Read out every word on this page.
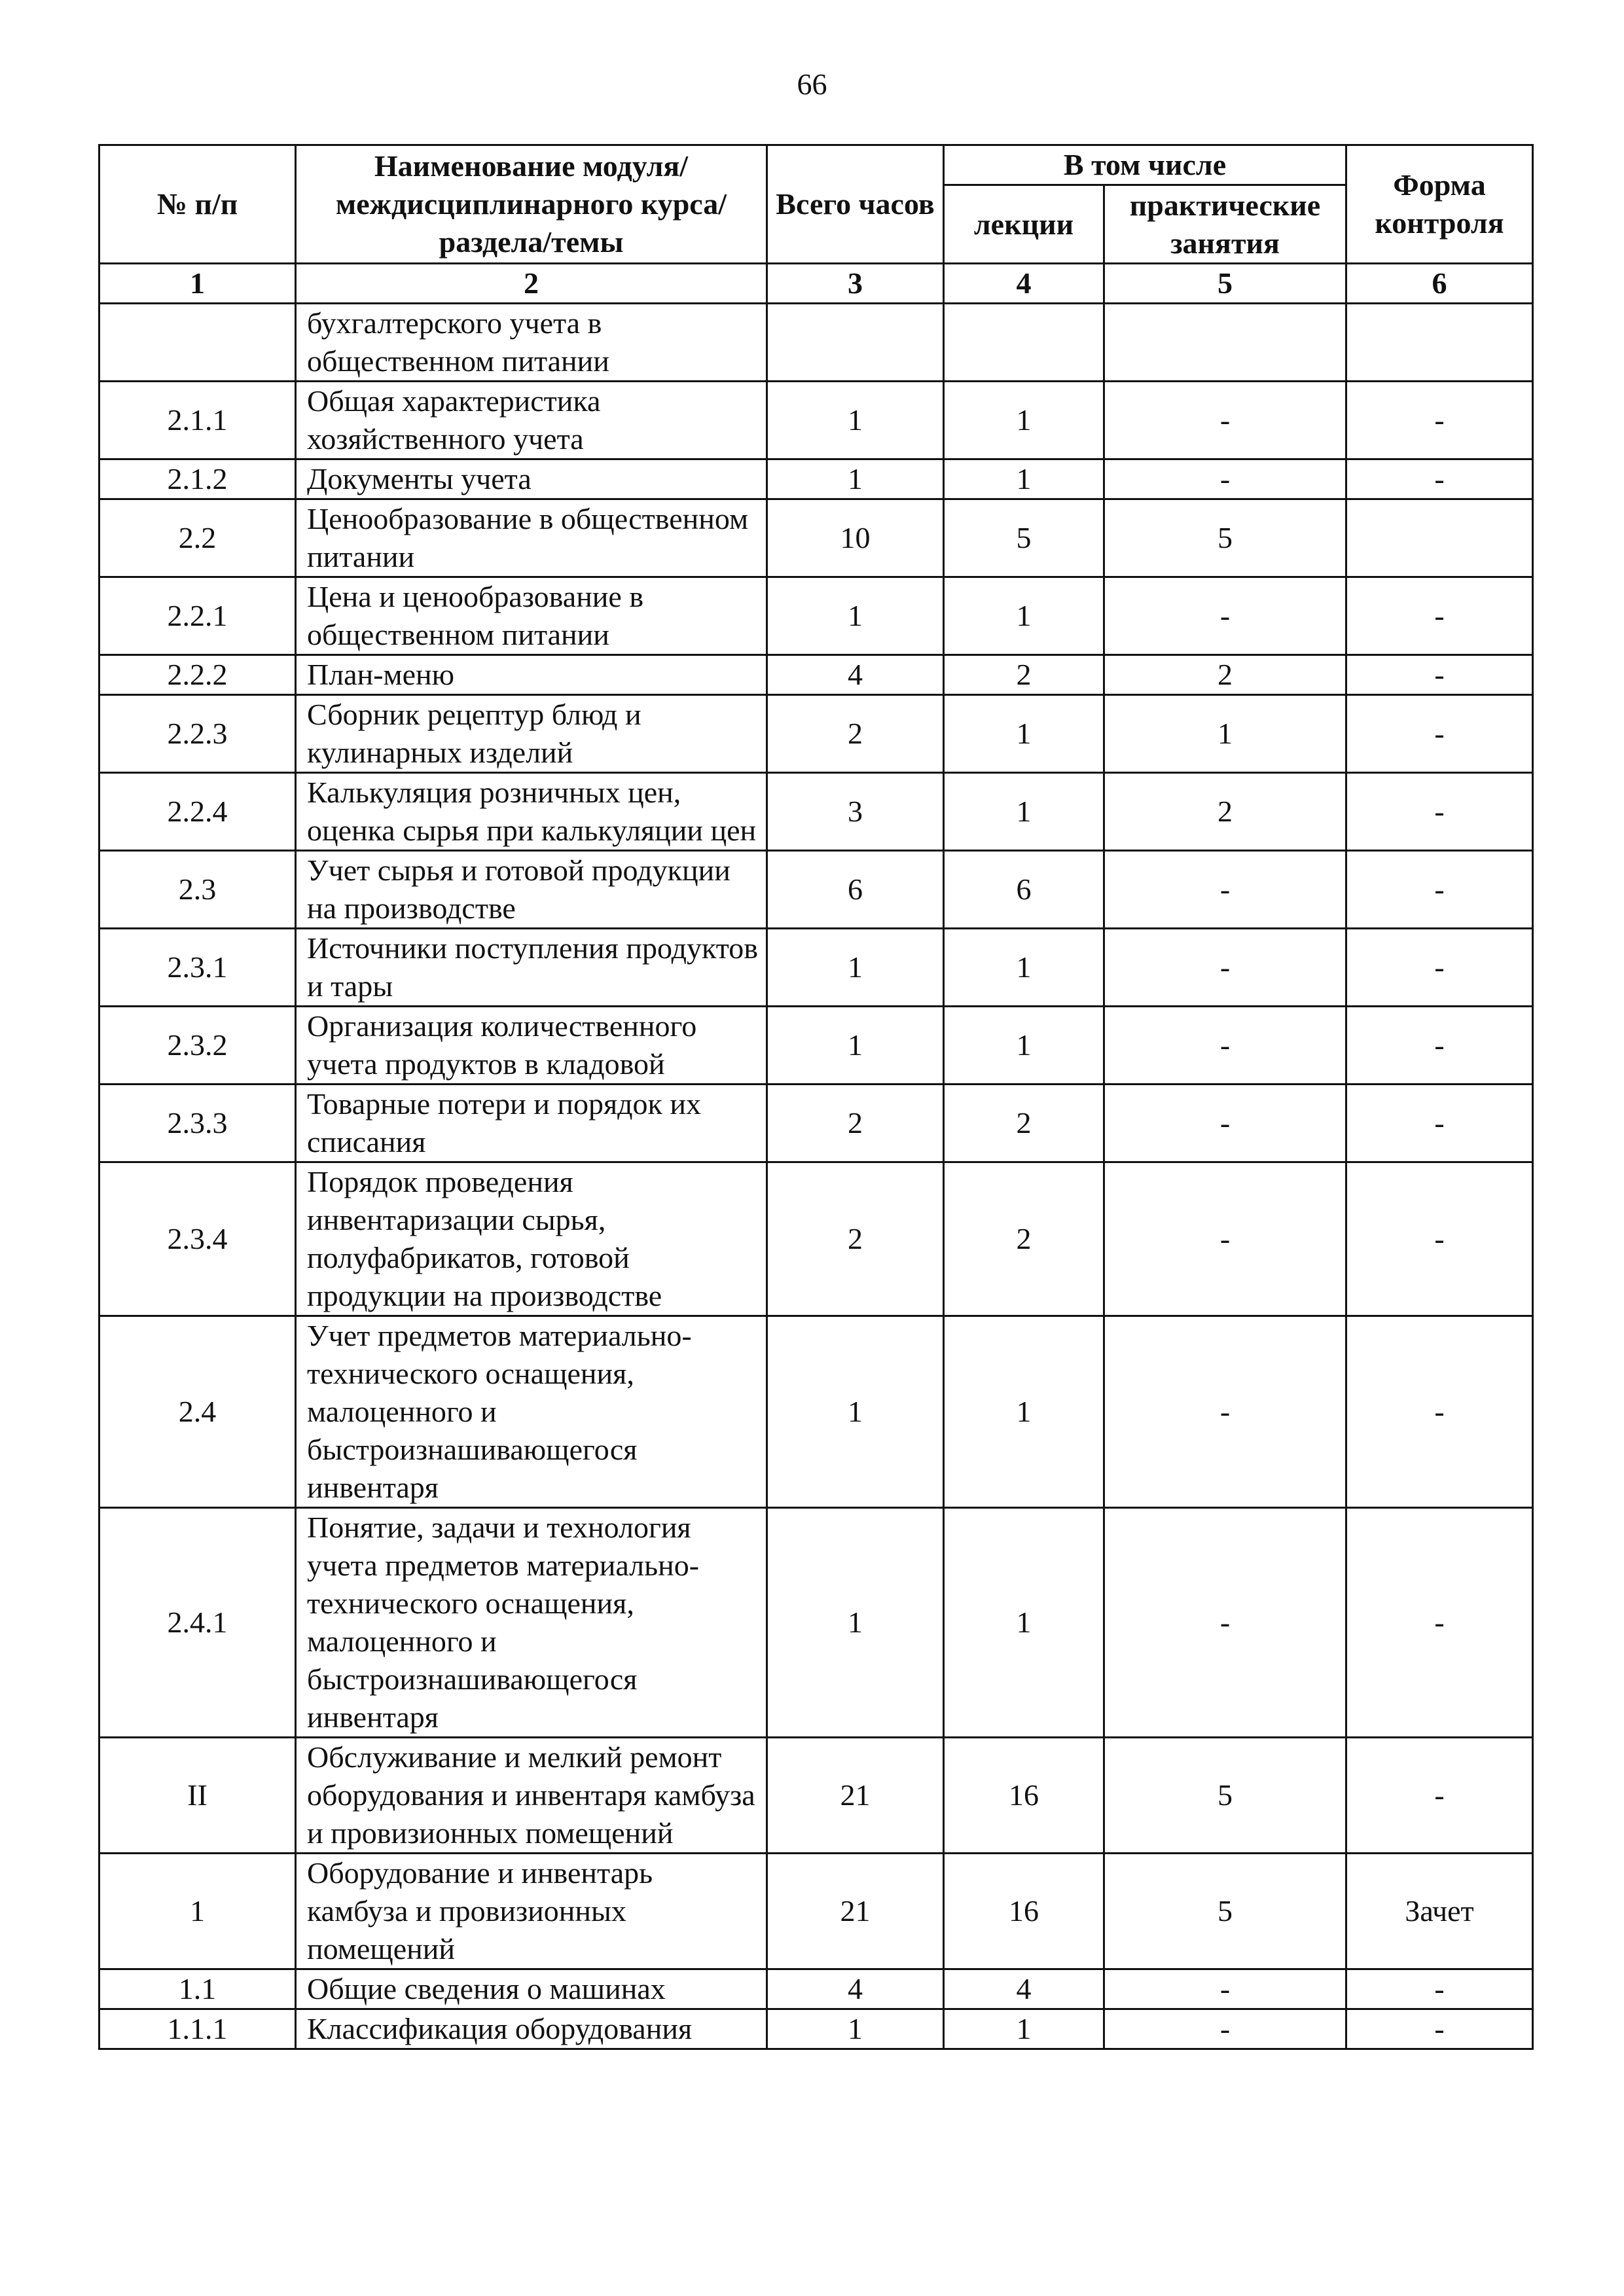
66
№ п/п	Наименование модуля/междисциплинарного курса/раздела/темы	Всего часов	В том числе		Форма контроля
			лекции	практические занятия	
1	2	3	4	5	6
	бухгалтерского учета в общественном питании				
2.1.1	Общая характеристика хозяйственного учета	1	1	-	-
2.1.2	Документы учета	1	1	-	-
2.2	Ценообразование в общественном питании	10	5	5	
2.2.1	Цена и ценообразование в общественном питании	1	1	-	-
2.2.2	План-меню	4	2	2	-
2.2.3	Сборник рецептур блюд и кулинарных изделий	2	1	1	-
2.2.4	Калькуляция розничных цен, оценка сырья при калькуляции цен	3	1	2	-
2.3	Учет сырья и готовой продукции на производстве	6	6	-	-
2.3.1	Источники поступления продуктов и тары	1	1	-	-
2.3.2	Организация количественного учета продуктов в кладовой	1	1	-	-
2.3.3	Товарные потери и порядок их списания	2	2	-	-
2.3.4	Порядок проведения инвентаризации сырья, полуфабрикатов, готовой продукции на производстве	2	2	-	-
2.4	Учет предметов материально-технического оснащения, малоценного и быстроизнашивающегося инвентаря	1	1	-	-
2.4.1	Понятие, задачи и технология учета предметов материально-технического оснащения, малоценного и быстроизнашивающегося инвентаря	1	1	-	-
II	Обслуживание и мелкий ремонт оборудования и инвентаря камбуза и провизионных помещений	21	16	5	-
1	Оборудование и инвентарь камбуза и провизионных помещений	21	16	5	Зачет
1.1	Общие сведения о машинах	4	4	-	-
1.1.1	Классификация оборудования	1	1	-	-
